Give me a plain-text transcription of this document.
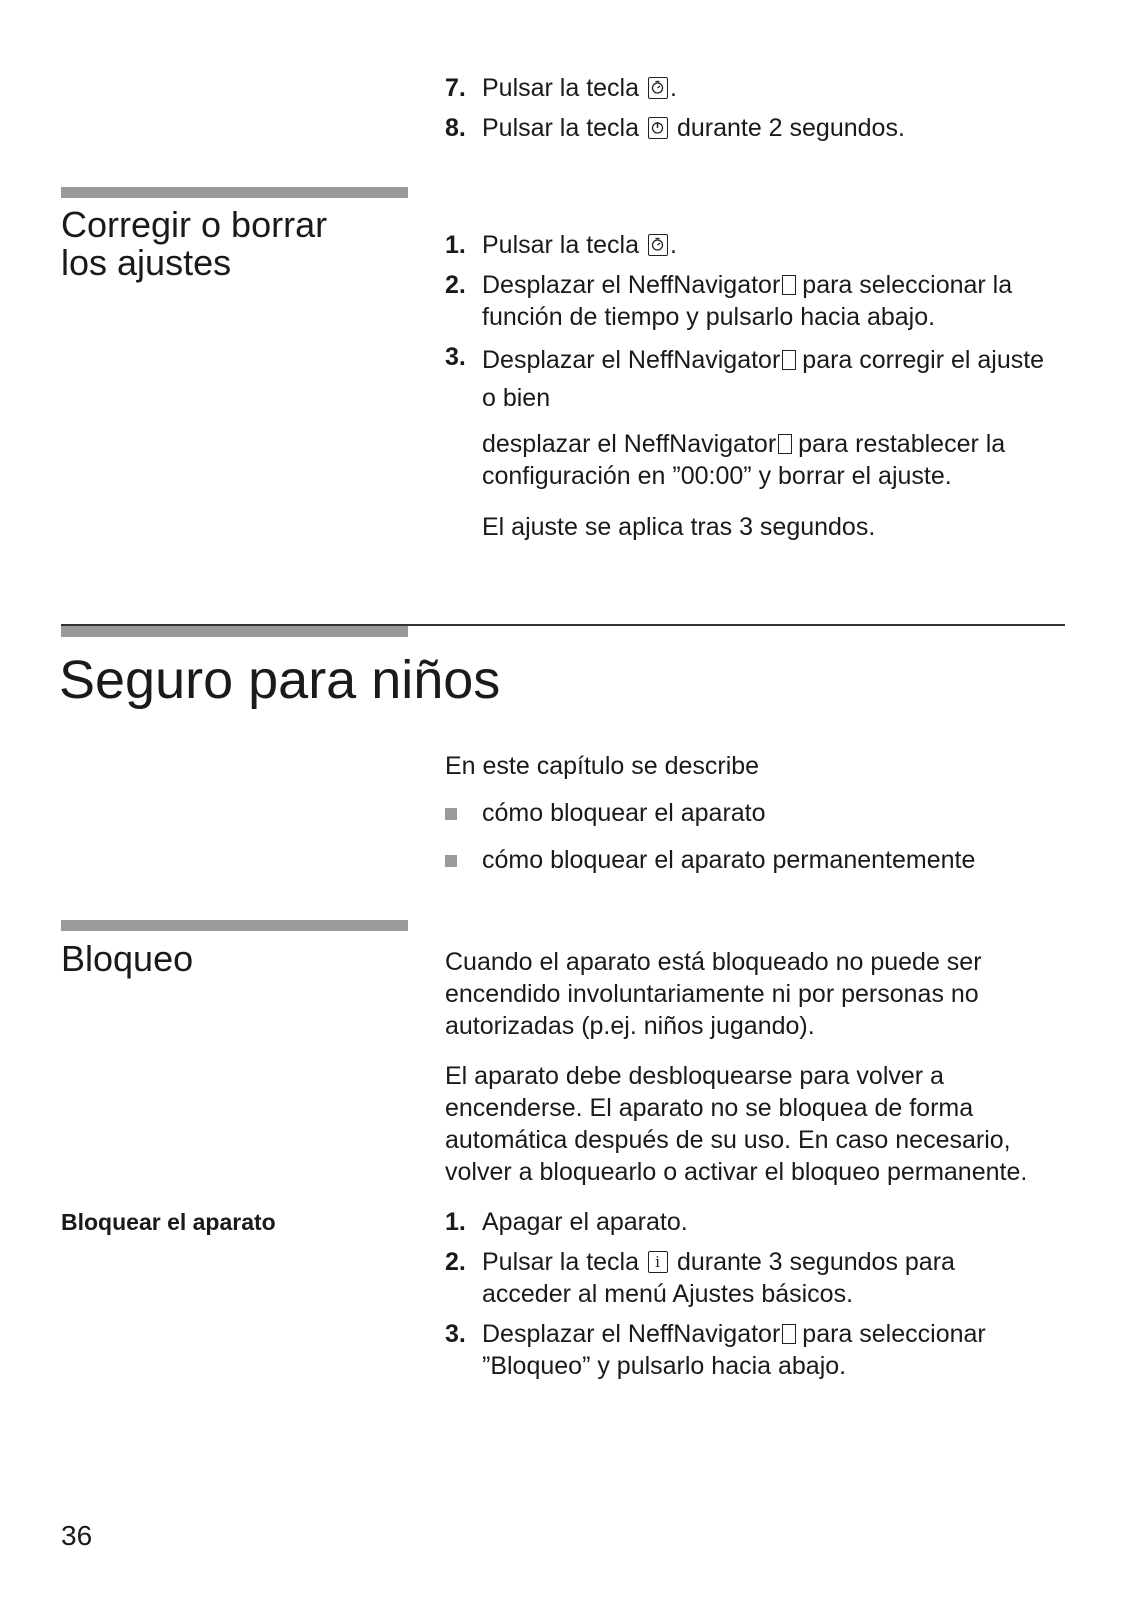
7. Pulsar la tecla .
8. Pulsar la tecla durante 2 segundos.
Corregir o borrar
los ajustes	1. Pulsar la tecla .
2. Desplazar el NeffNavigator para seleccionar la
función de tiempo y pulsarlo hacia abajo.
3. Desplazar el NeffNavigator para corregir el ajuste
o bien
desplazar el NeffNavigator para restablecer la
configuración en ”00:00” y borrar el ajuste.
El ajuste se aplica tras 3 segundos.
Seguro para niños
En este capítulo se describe
cómo bloquear el aparato
cómo bloquear el aparato permanentemente
Bloqueo	Cuando el aparato está bloqueado no puede ser
encendido involuntariamente ni por personas no
autorizadas (p.ej. niños jugando).
El aparato debe desbloquearse para volver a
encenderse. El aparato no se bloquea de forma
automática después de su uso. En caso necesario,
volver a bloquearlo o activar el bloqueo permanente.
Bloquear el aparato	1. Apagar el aparato.
2. Pulsar la tecla i durante 3 segundos para
acceder al menú Ajustes básicos.
3. Desplazar el NeffNavigator para seleccionar
”Bloqueo” y pulsarlo hacia abajo.
36
